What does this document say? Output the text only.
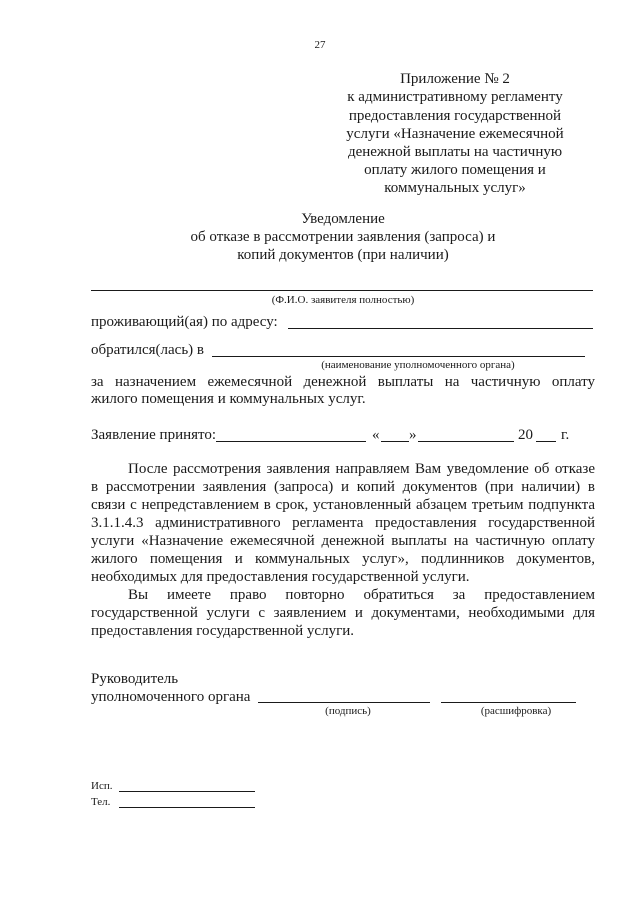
27
Приложение № 2
к административному регламенту
предоставления государственной
услуги «Назначение ежемесячной
денежной выплаты на частичную
оплату жилого помещения и
коммунальных услуг»
Уведомление
об отказе в рассмотрении заявления (запроса) и
копий документов (при наличии)
(Ф.И.О. заявителя полностью)
проживающий(ая) по адресу:
обратился(лась) в
(наименование уполномоченного органа)
за назначением ежемесячной денежной выплаты на частичную оплату
жилого помещения и коммунальных услуг.
Заявление принято:	« »	20 г.
После рассмотрения заявления направляем Вам уведомление об отказе
в рассмотрении заявления (запроса) и копий документов (при наличии) в
связи с непредставлением в срок, установленный абзацем третьим подпункта
3.1.1.4.3 административного регламента предоставления государственной
услуги «Назначение ежемесячной денежной выплаты на частичную оплату
жилого помещения и коммунальных услуг», подлинников документов,
необходимых для предоставления государственной услуги.
Вы имеете право повторно обратиться за предоставлением
государственной услуги с заявлением и документами, необходимыми для
предоставления государственной услуги.
Руководитель
уполномоченного органа
(подпись)	(расшифровка)
Исп.
Тел.
